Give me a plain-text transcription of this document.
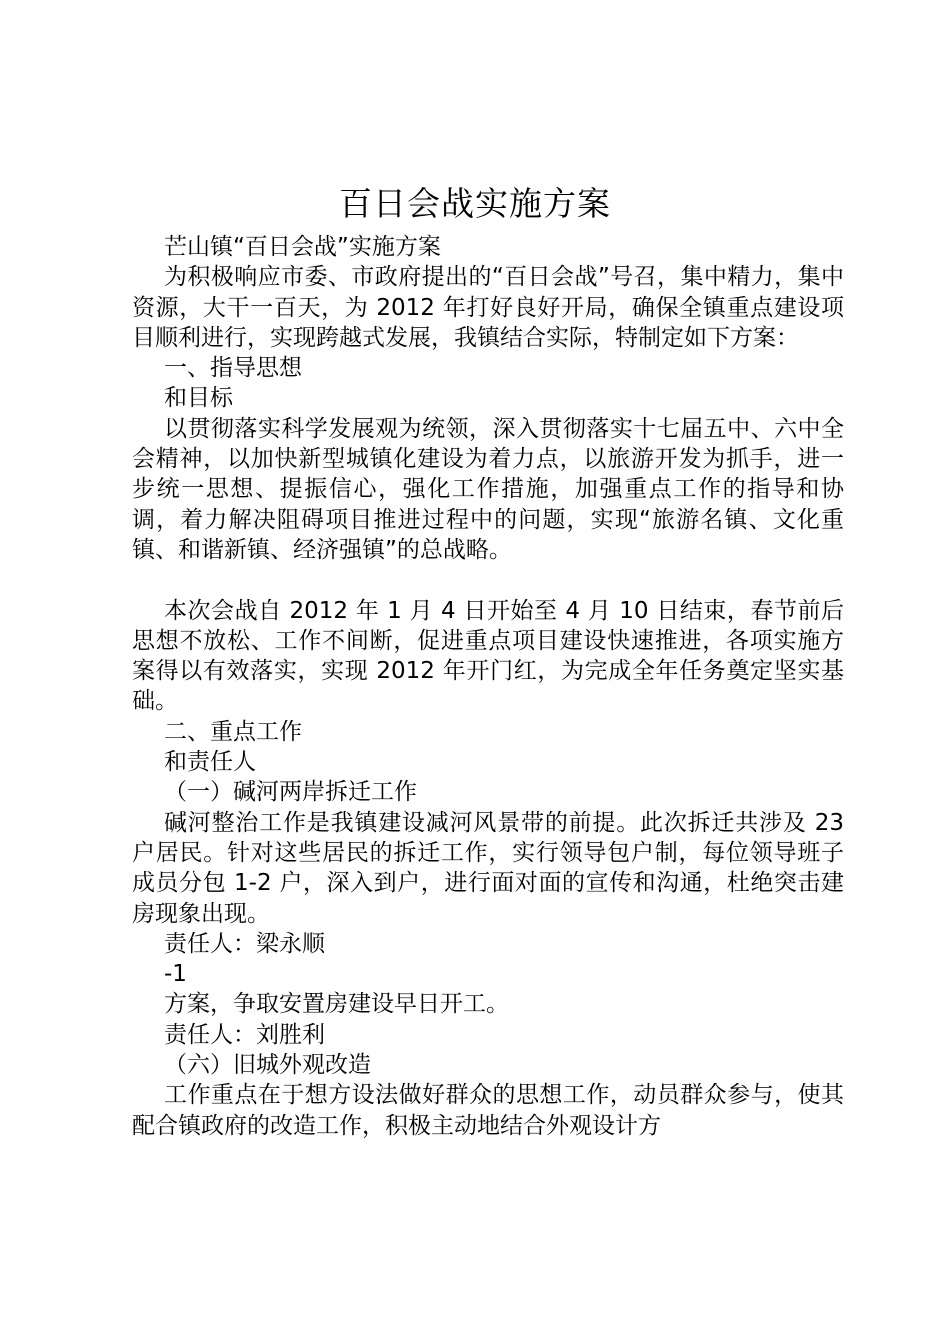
百日会战实施方案

芒山镇“百日会战”实施方案

为积极响应市委、市政府提出的“百日会战”号召，集中精力，集中资源，大干一百天，为 2012 年打好良好开局，确保全镇重点建设项目顺利进行，实现跨越式发展，我镇结合实际，特制定如下方案：

一、指导思想

和目标

以贯彻落实科学发展观为统领，深入贯彻落实十七届五中、六中全会精神，以加快新型城镇化建设为着力点，以旅游开发为抓手，进一步统一思想、提振信心，强化工作措施，加强重点工作的指导和协调，着力解决阻碍项目推进过程中的问题，实现“旅游名镇、文化重镇、和谐新镇、经济强镇”的总战略。

本次会战自 2012 年 1 月 4 日开始至 4 月 10 日结束，春节前后思想不放松、工作不间断，促进重点项目建设快速推进，各项实施方案得以有效落实，实现 2012 年开门红，为完成全年任务奠定坚实基础。

二、重点工作

和责任人

（一）碱河两岸拆迁工作

碱河整治工作是我镇建设减河风景带的前提。此次拆迁共涉及 23 户居民。针对这些居民的拆迁工作，实行领导包户制，每位领导班子成员分包 1-2 户，深入到户，进行面对面的宣传和沟通，杜绝突击建房现象出现。

责任人：梁永顺

-1

方案，争取安置房建设早日开工。

责任人：刘胜利

（六）旧城外观改造

工作重点在于想方设法做好群众的思想工作，动员群众参与，使其配合镇政府的改造工作，积极主动地结合外观设计方
